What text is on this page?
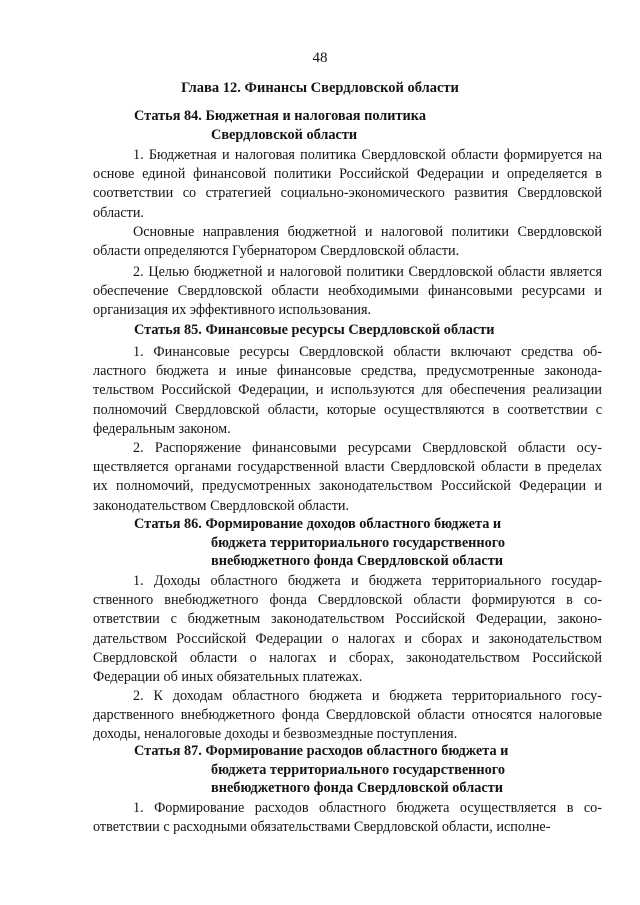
48
Глава 12. Финансы Свердловской области
Статья 84. Бюджетная и налоговая политика
Свердловской области

1. Бюджетная и налоговая политика Свердловской области формируется на основе единой финансовой политики Российской Федерации и определяется в соответствии со стратегией социально-экономического развития Свердловской области.

Основные направления бюджетной и налоговой политики Свердловской области определяются Губернатором Свердловской области.

2. Целью бюджетной и налоговой политики Свердловской области является обеспечение Свердловской области необходимыми финансовыми ресурсами и организация их эффективного использования.

Статья 85. Финансовые ресурсы Свердловской области

1. Финансовые ресурсы Свердловской области включают средства областного бюджета и иные финансовые средства, предусмотренные законодательством Российской Федерации, и используются для обеспечения реализации полномочий Свердловской области, которые осуществляются в соответствии с федеральным законом.

2. Распоряжение финансовыми ресурсами Свердловской области осуществляется органами государственной власти Свердловской области в пределах их полномочий, предусмотренных законодательством Российской Федерации и законодательством Свердловской области.

Статья 86. Формирование доходов областного бюджета и
бюджета территориального государственного
внебюджетного фонда Свердловской области

1. Доходы областного бюджета и бюджета территориального государственного внебюджетного фонда Свердловской области формируются в соответствии с бюджетным законодательством Российской Федерации, законодательством Российской Федерации о налогах и сборах и законодательством Свердловской области о налогах и сборах, законодательством Российской Федерации об иных обязательных платежах.

2. К доходам областного бюджета и бюджета территориального государственного внебюджетного фонда Свердловской области относятся налоговые доходы, неналоговые доходы и безвозмездные поступления.

Статья 87. Формирование расходов областного бюджета и
бюджета территориального государственного
внебюджетного фонда Свердловской области

1. Формирование расходов областного бюджета осуществляется в соответствии с расходными обязательствами Свердловской области, исполне-
